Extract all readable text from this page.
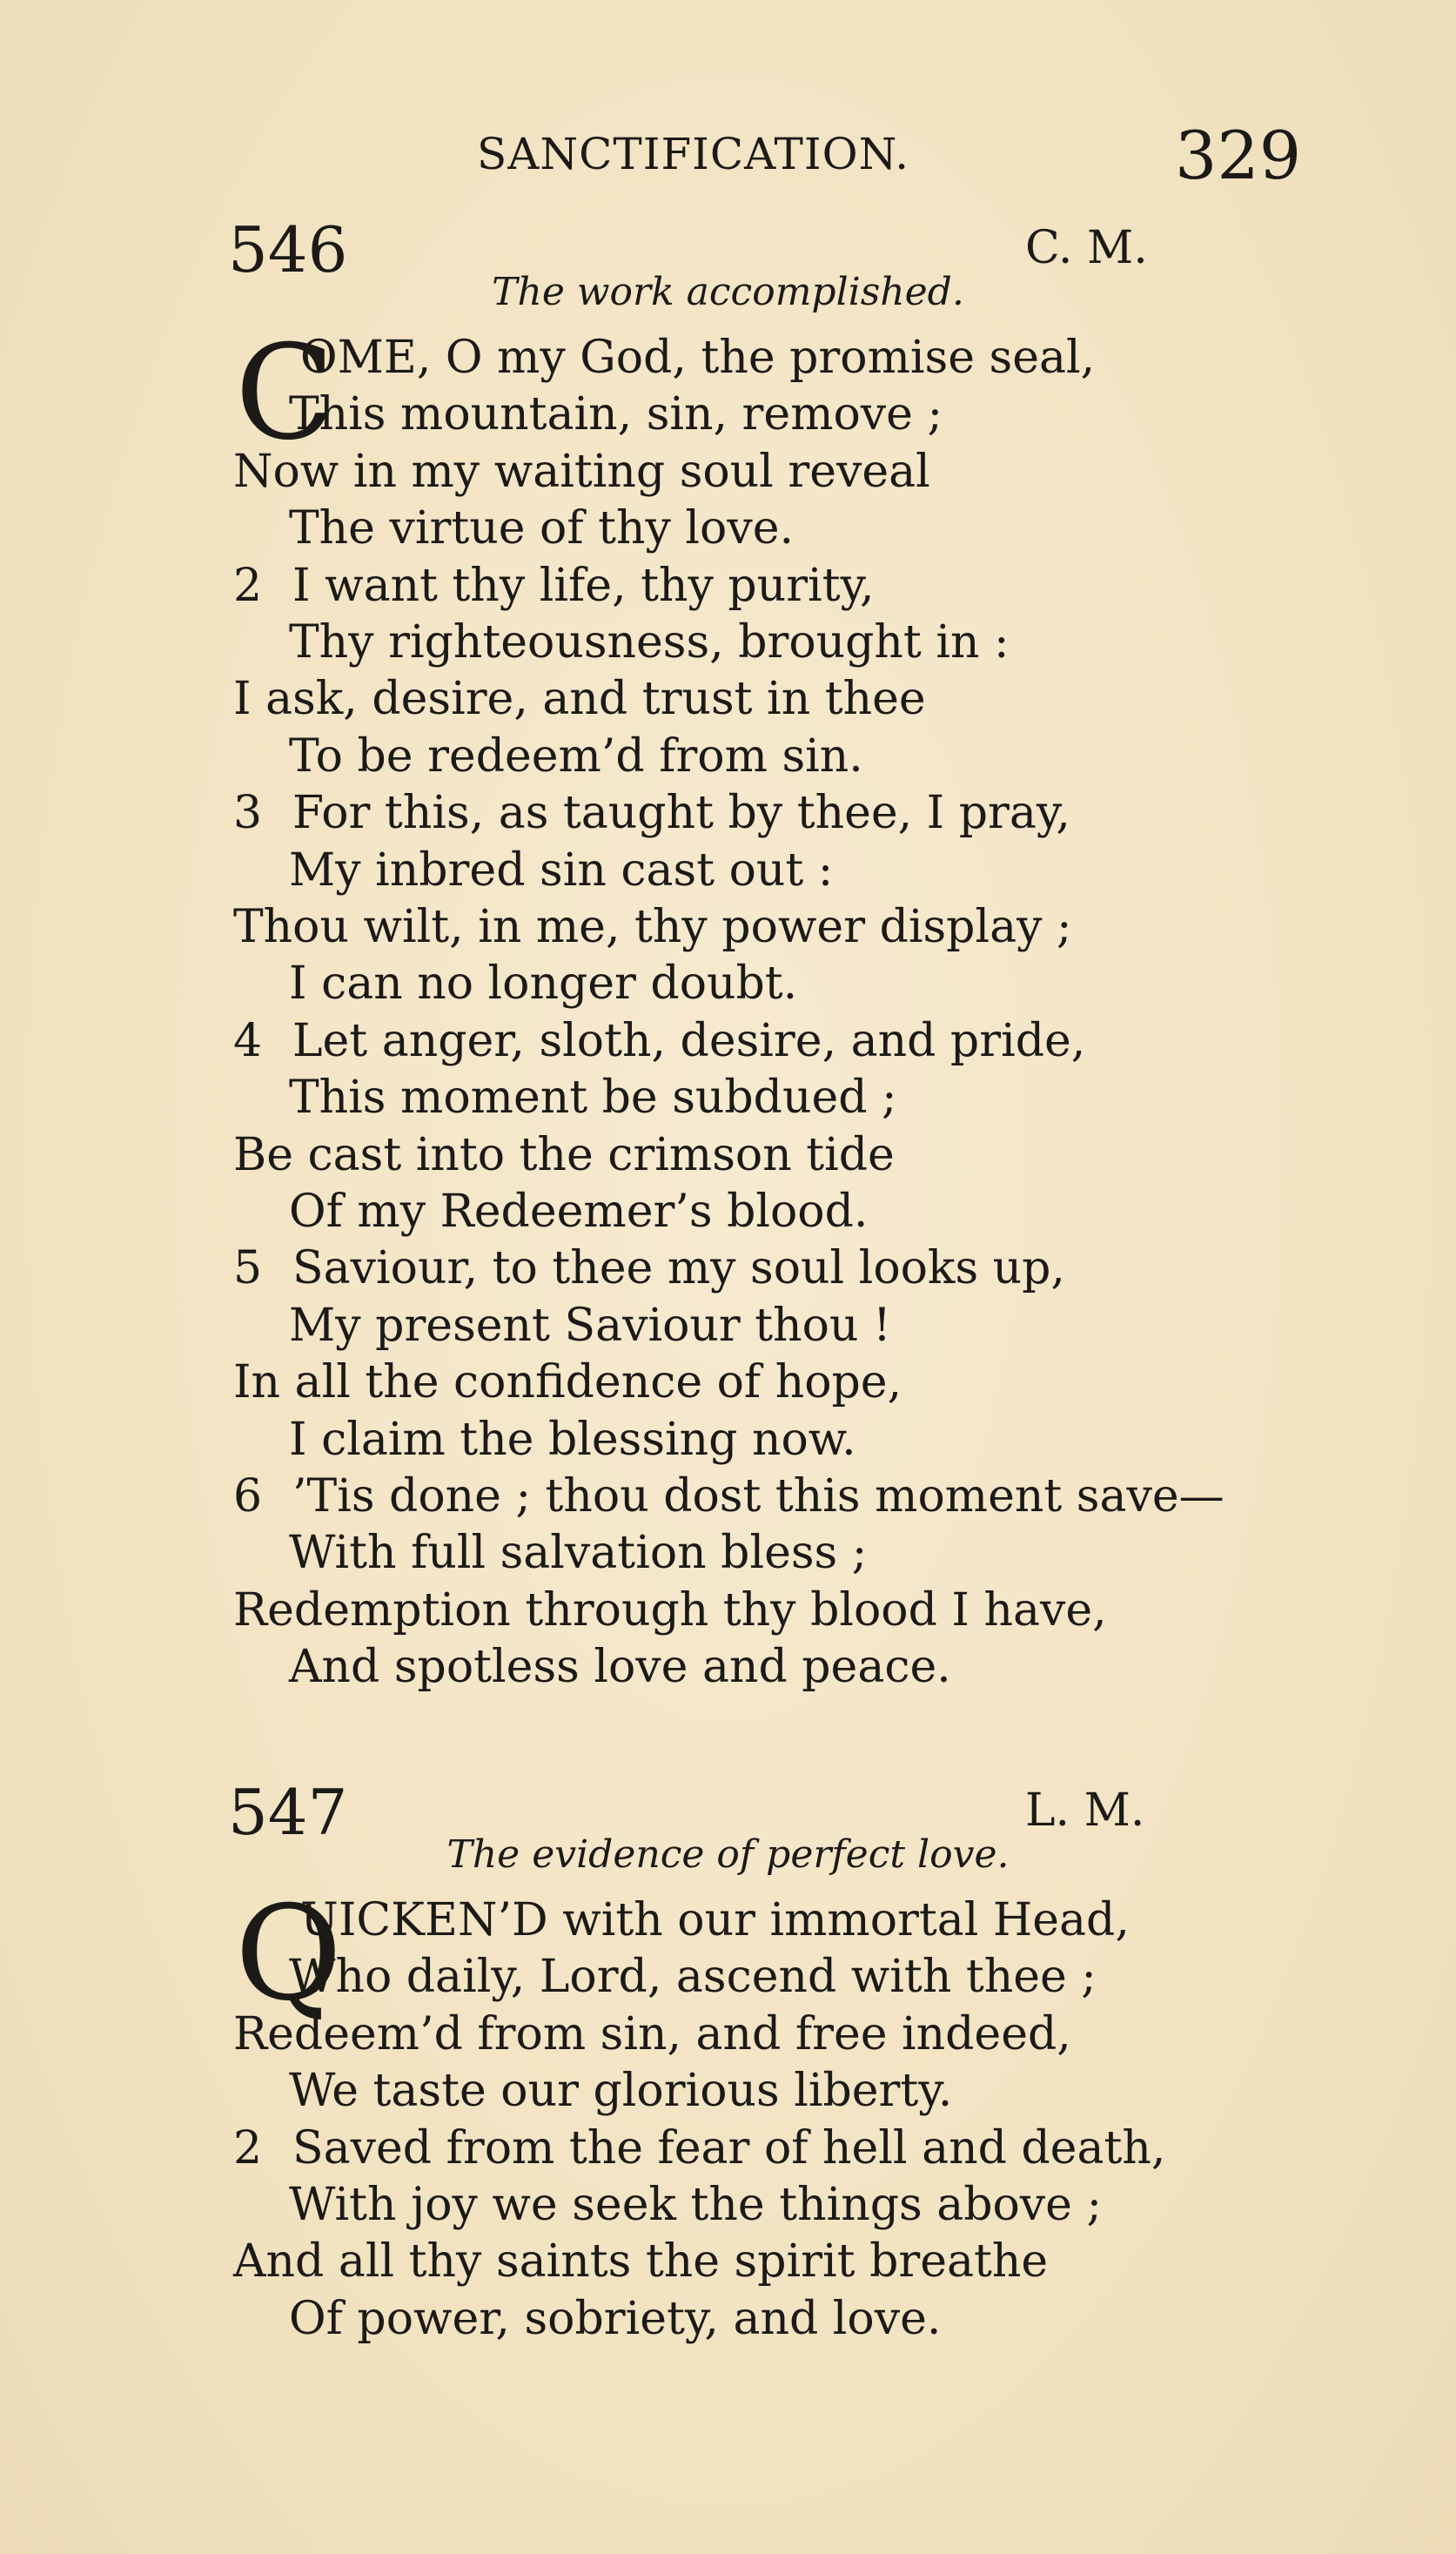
SANCTIFICATION.	329
546	C. M.
The work accomplished.
C
OME, O my God, the promise seal,
This mountain, sin, remove ;
Now in my waiting soul reveal
The virtue of thy love.
2 I want thy life, thy purity,
Thy righteousness, brought in :
I ask, desire, and trust in thee
To be redeem’d from sin.
3 For this, as taught by thee, I pray,
My inbred sin cast out :
Thou wilt, in me, thy power display ;
I can no longer doubt.
4 Let anger, sloth, desire, and pride,
This moment be subdued ;
Be cast into the crimson tide
Of my Redeemer’s blood.
5 Saviour, to thee my soul looks up,
My present Saviour thou !
In all the confidence of hope,
I claim the blessing now.
6 ’Tis done ; thou dost this moment save—
With full salvation bless ;
Redemption through thy blood I have,
And spotless love and peace.
547	L. M.
The evidence of perfect love.
Q
UICKEN’D with our immortal Head,
Who daily, Lord, ascend with thee ;
Redeem’d from sin, and free indeed,
We taste our glorious liberty.
2 Saved from the fear of hell and death,
With joy we seek the things above ;
And all thy saints the spirit breathe
Of power, sobriety, and love.
